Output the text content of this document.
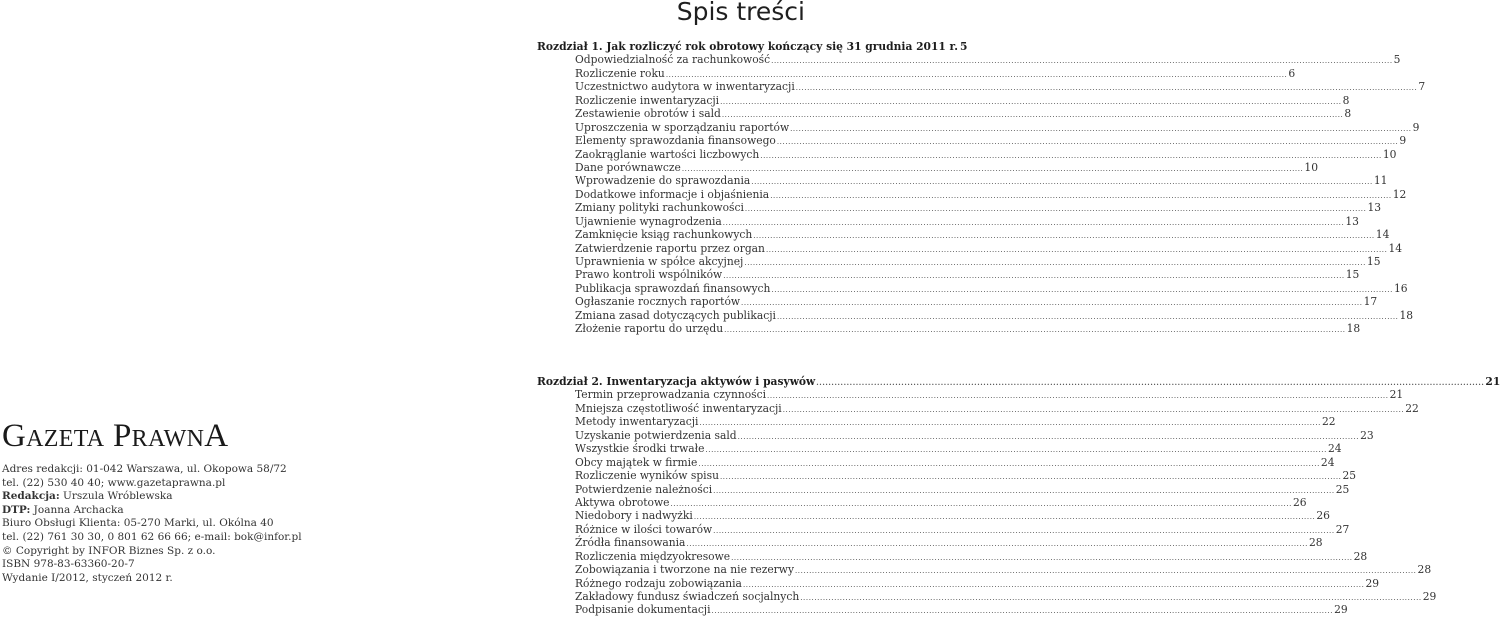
GAZETA PRAWNA
Adres redakcji: 01-042 Warszawa, ul. Okopowa 58/72
tel. (22) 530 40 40; www.gazetaprawna.pl
Redakcja: Urszula Wróblewska
DTP: Joanna Archacka
Biuro Obsługi Klienta: 05-270 Marki, ul. Okólna 40
tel. (22) 761 30 30, 0 801 62 66 66; e-mail: bok@infor.pl
© Copyright by INFOR Biznes Sp. z o.o.
ISBN 978-83-63360-20-7
Wydanie I/2012, styczeń 2012 r.
Spis treści
Rozdział 1. Jak rozliczyć rok obrotowy kończący się 31 grudnia 2011 r. 5
Odpowiedzialność za rachunkowość ............................................................................................................................................................................................................................ 5
Rozliczenie roku ............................................................................................................................................................................................................................ 6
Uczestnictwo audytora w inwentaryzacji ............................................................................................................................................................................................................................ 7
Rozliczenie inwentaryzacji ............................................................................................................................................................................................................................ 8
Zestawienie obrotów i sald ............................................................................................................................................................................................................................ 8
Uproszczenia w sporządzaniu raportów ............................................................................................................................................................................................................................ 9
Elementy sprawozdania finansowego ............................................................................................................................................................................................................................ 9
Zaokrąglanie wartości liczbowych ............................................................................................................................................................................................................................ 10
Dane porównawcze ............................................................................................................................................................................................................................ 10
Wprowadzenie do sprawozdania ............................................................................................................................................................................................................................ 11
Dodatkowe informacje i objaśnienia ............................................................................................................................................................................................................................ 12
Zmiany polityki rachunkowości ............................................................................................................................................................................................................................ 13
Ujawnienie wynagrodzenia ............................................................................................................................................................................................................................ 13
Zamknięcie ksiąg rachunkowych ............................................................................................................................................................................................................................ 14
Zatwierdzenie raportu przez organ ............................................................................................................................................................................................................................ 14
Uprawnienia w spółce akcyjnej ............................................................................................................................................................................................................................ 15
Prawo kontroli wspólników ............................................................................................................................................................................................................................ 15
Publikacja sprawozdań finansowych ............................................................................................................................................................................................................................ 16
Ogłaszanie rocznych raportów ............................................................................................................................................................................................................................ 17
Zmiana zasad dotyczących publikacji ............................................................................................................................................................................................................................ 18
Złożenie raportu do urzędu ............................................................................................................................................................................................................................ 18
Rozdział 2. Inwentaryzacja aktywów i pasywów ............................................................................................................................................................................................................................ 21
Termin przeprowadzania czynności ............................................................................................................................................................................................................................ 21
Mniejsza częstotliwość inwentaryzacji ............................................................................................................................................................................................................................ 22
Metody inwentaryzacji ............................................................................................................................................................................................................................ 22
Uzyskanie potwierdzenia sald ............................................................................................................................................................................................................................ 23
Wszystkie środki trwałe ............................................................................................................................................................................................................................ 24
Obcy majątek w firmie ............................................................................................................................................................................................................................ 24
Rozliczenie wyników spisu ............................................................................................................................................................................................................................ 25
Potwierdzenie należności ............................................................................................................................................................................................................................ 25
Aktywa obrotowe ............................................................................................................................................................................................................................ 26
Niedobory i nadwyżki ............................................................................................................................................................................................................................ 26
Różnice w ilości towarów ............................................................................................................................................................................................................................ 27
Źródła finansowania ............................................................................................................................................................................................................................ 28
Rozliczenia międzyokresowe ............................................................................................................................................................................................................................ 28
Zobowiązania i tworzone na nie rezerwy ............................................................................................................................................................................................................................ 28
Różnego rodzaju zobowiązania ............................................................................................................................................................................................................................ 29
Zakładowy fundusz świadczeń socjalnych ............................................................................................................................................................................................................................ 29
Podpisanie dokumentacji ............................................................................................................................................................................................................................ 29
